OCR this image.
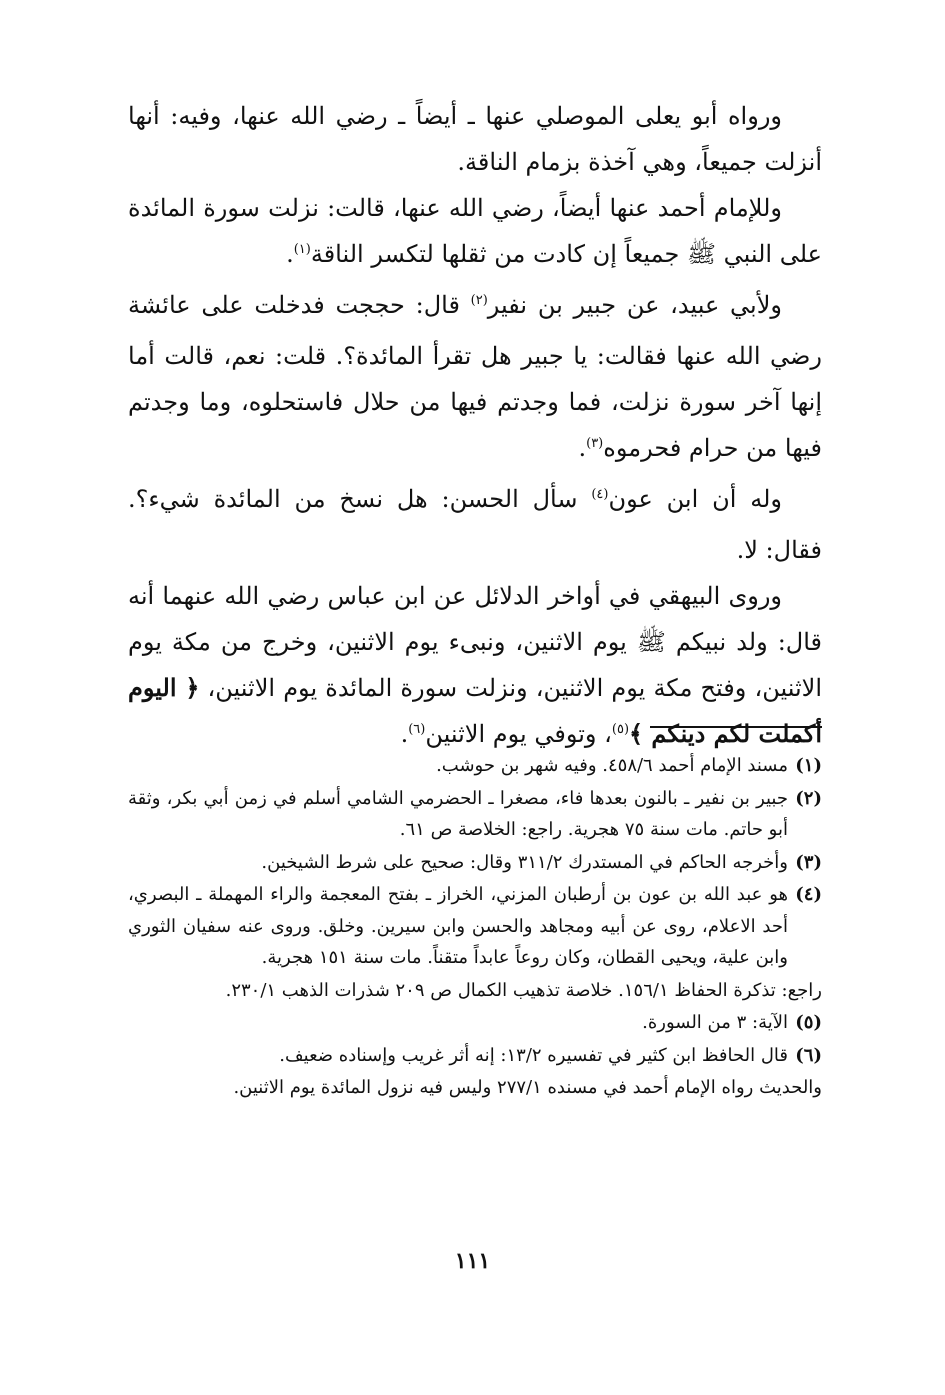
ورواه أبو يعلى الموصلي عنها ـ أيضاً ـ رضي الله عنها، وفيه: أنها أنزلت جميعاً، وهي آخذة بزمام الناقة.

وللإمام أحمد عنها أيضاً، رضي الله عنها، قالت: نزلت سورة المائدة على النبي ﷺ جميعاً إن كادت من ثقلها لتكسر الناقة$^{(١)}$.

ولأبي عبيد، عن جبير بن نفير$^{(٢)}$ قال: حججت فدخلت على عائشة رضي الله عنها فقالت: يا جبير هل تقرأ المائدة؟. قلت: نعم، قالت أما إنها آخر سورة نزلت، فما وجدتم فيها من حلال فاستحلوه، وما وجدتم فيها من حرام فحرموه$^{(٣)}$.

وله أن ابن عون$^{(٤)}$ سأل الحسن: هل نسخ من المائدة شيء؟. فقال: لا.

وروى البيهقي في أواخر الدلائل عن ابن عباس رضي الله عنهما أنه قال: ولد نبيكم ﷺ يوم الاثنين، ونبىء يوم الاثنين، وخرج من مكة يوم الاثنين، وفتح مكة يوم الاثنين، ونزلت سورة المائدة يوم الاثنين، ﴿ اليوم أكملت لكم دينكم ﴾$^{(٥)}$، وتوفي يوم الاثنين$^{(٦)}$.

(١)
مسند الإمام أحمد ٤٥٨/٦. وفيه شهر بن حوشب.
(٢)
جبير بن نفير ـ بالنون بعدها فاء، مصغرا ـ الحضرمي الشامي أسلم في زمن أبي بكر، وثقة أبو حاتم. مات سنة ٧٥ هجرية. راجع: الخلاصة ص ٦١.
(٣)
وأخرجه الحاكم في المستدرك ٣١١/٢ وقال: صحيح على شرط الشيخين.
(٤)
هو عبد الله بن عون بن أرطبان المزني، الخراز ـ بفتح المعجمة والراء المهملة ـ البصري، أحد الاعلام، روى عن أبيه ومجاهد والحسن وابن سيرين. وخلق. وروى عنه سفيان الثوري وابن علية، ويحيى القطان، وكان روعاً عابداً متقناً. مات سنة ١٥١ هجرية.
راجع: تذكرة الحفاظ ١٥٦/١. خلاصة تذهيب الكمال ص ٢٠٩ شذرات الذهب ٢٣٠/١.
(٥)
الآية: ٣ من السورة.
(٦)
قال الحافظ ابن كثير في تفسيره ١٣/٢: إنه أثر غريب وإسناده ضعيف.
والحديث رواه الإمام أحمد في مسنده ٢٧٧/١ وليس فيه نزول المائدة يوم الاثنين.
١١١
